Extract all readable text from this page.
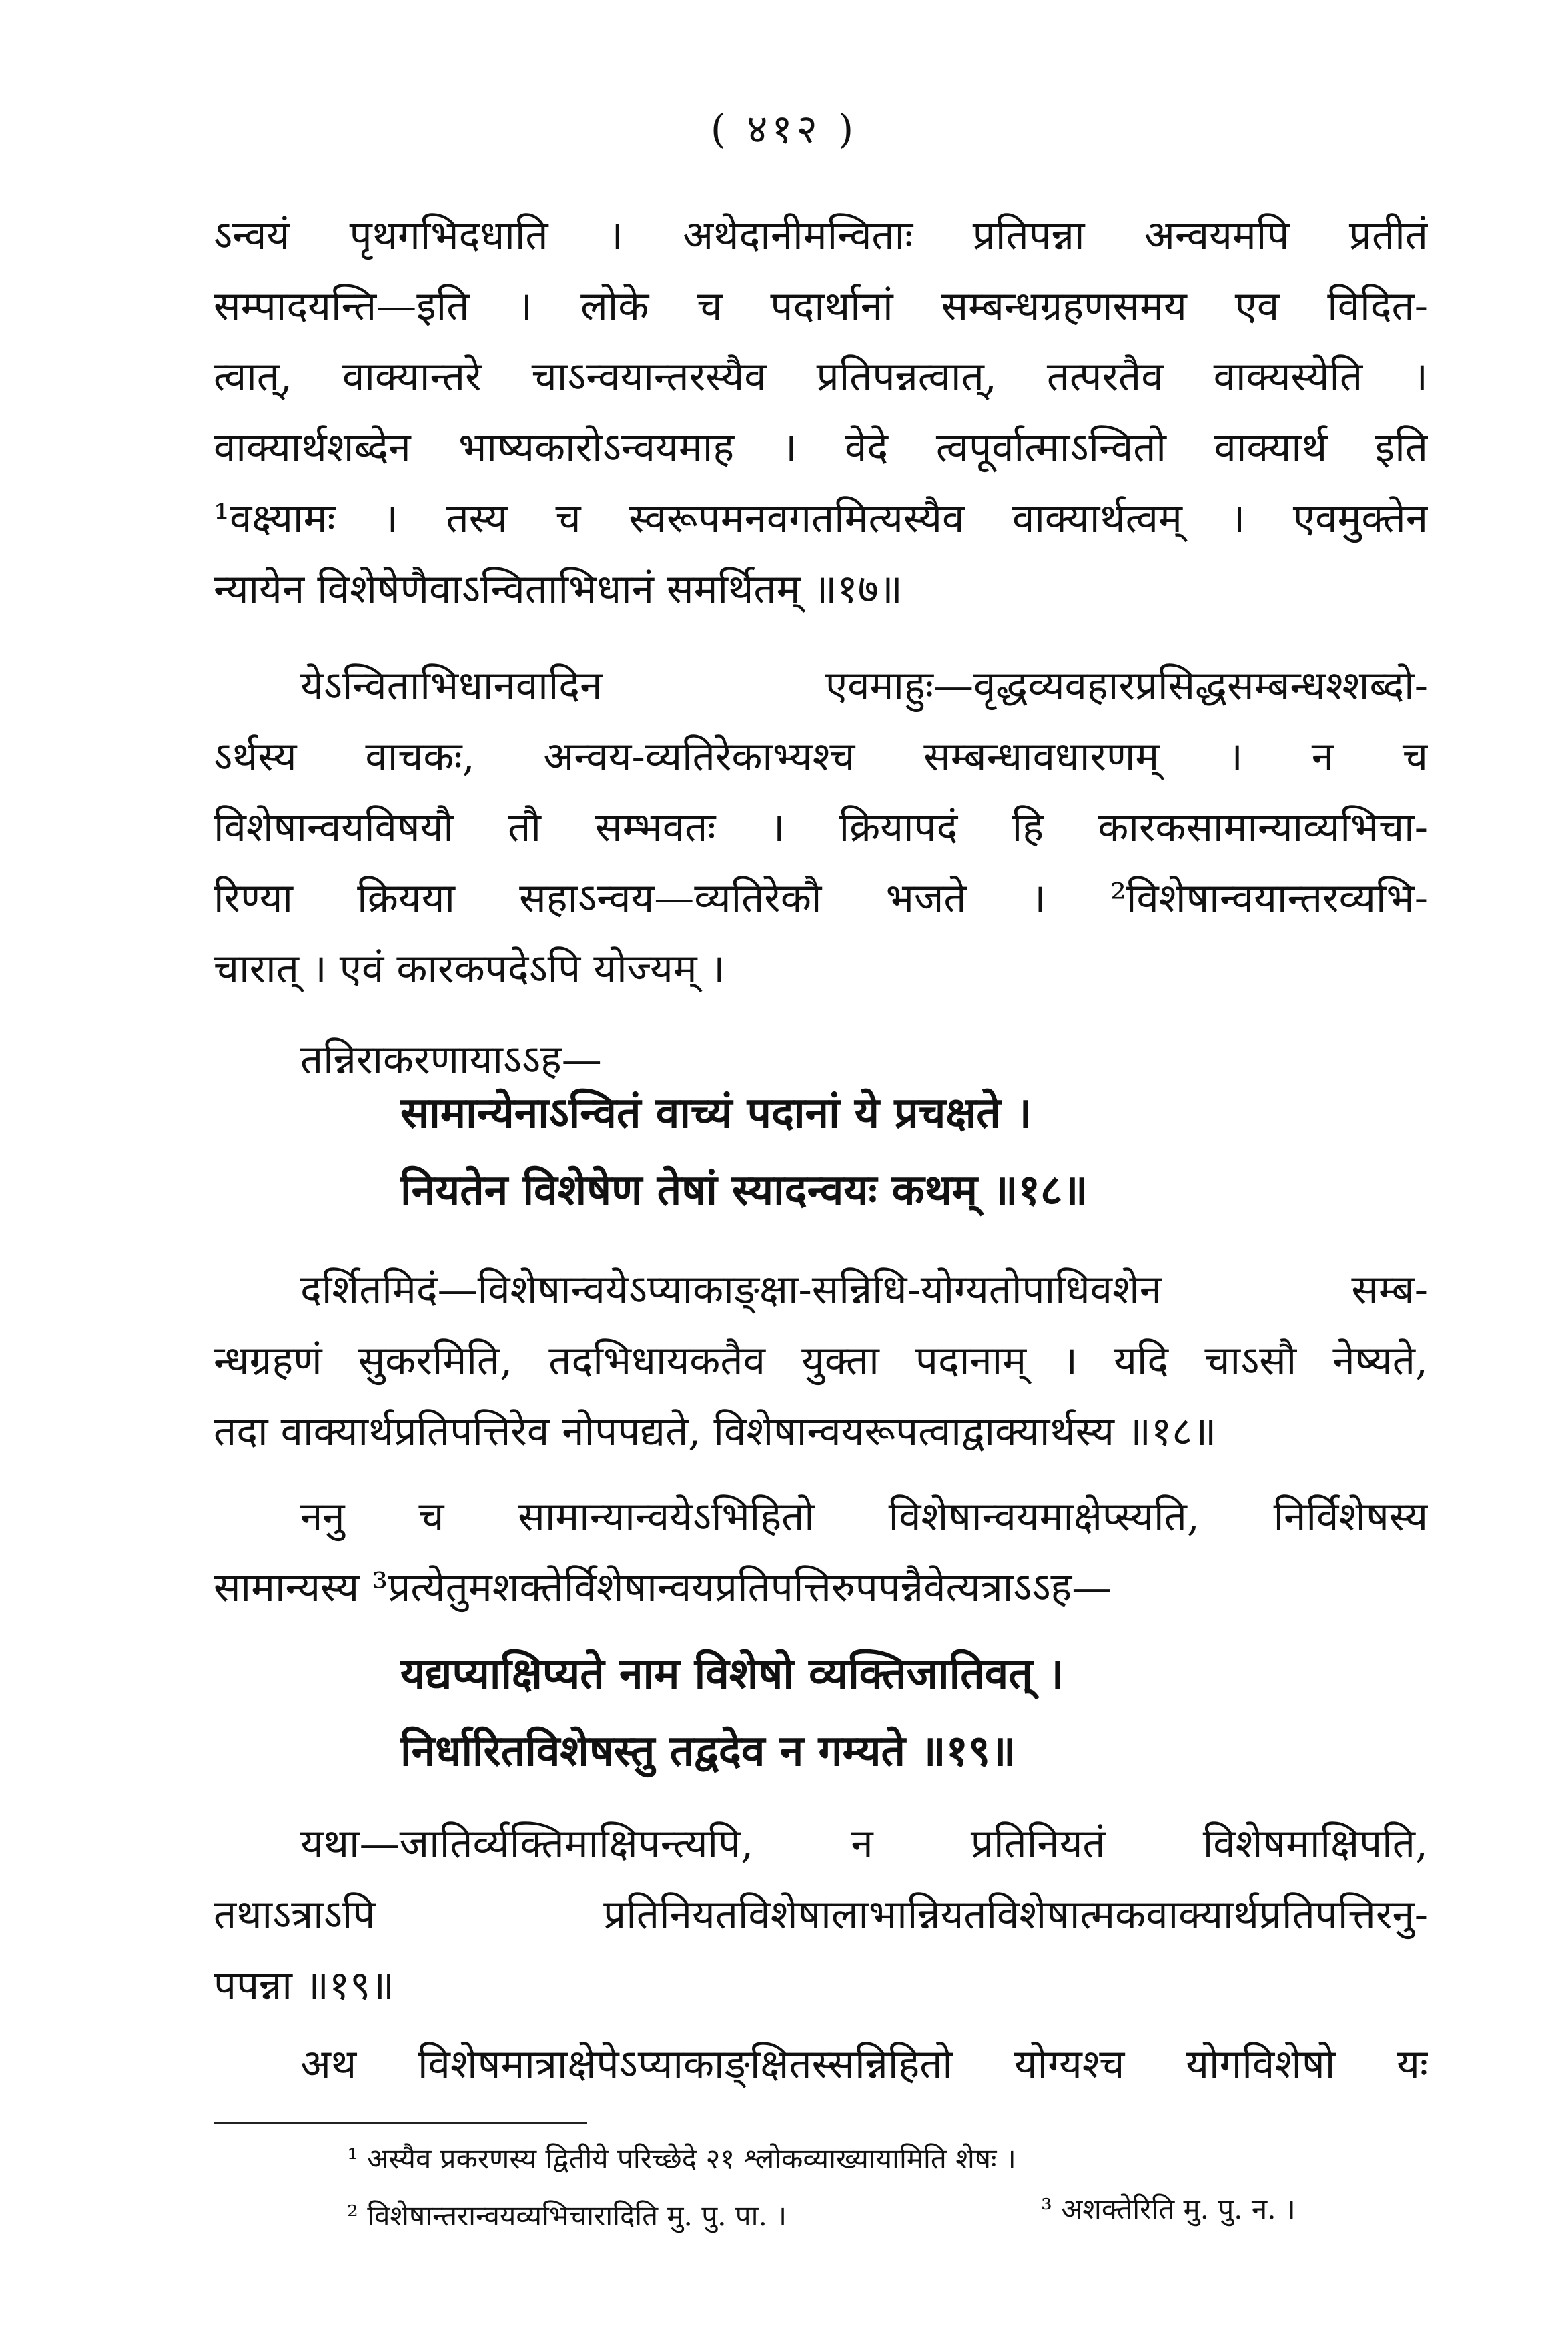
( ४१२ )
ऽन्वयं पृथगभिदधाति । अथेदानीमन्विताः प्रतिपन्ना अन्वयमपि प्रतीतं
सम्पादयन्ति—इति । लोके च पदार्थानां सम्बन्धग्रहणसमय एव विदित-
त्वात्, वाक्यान्तरे चाऽन्वयान्तरस्यैव प्रतिपन्नत्वात्, तत्परतैव वाक्यस्येति ।
वाक्यार्थशब्देन भाष्यकारोऽन्वयमाह । वेदे त्वपूर्वात्माऽन्वितो वाक्यार्थ इति
¹वक्ष्यामः । तस्य च स्वरूपमनवगतमित्यस्यैव वाक्यार्थत्वम् । एवमुक्तेन
न्यायेन विशेषेणैवाऽन्विताभिधानं समर्थितम् ॥१७॥
येऽन्विताभिधानवादिन एवमाहुः—वृद्धव्यवहारप्रसिद्धसम्बन्धश्शब्दो-
ऽर्थस्य वाचकः, अन्वय-व्यतिरेकाभ्यश्च सम्बन्धावधारणम् । न च
विशेषान्वयविषयौ तौ सम्भवतः । क्रियापदं हि कारकसामान्याव्यभिचा-
रिण्या क्रियया सहाऽन्वय—व्यतिरेकौ भजते । ²विशेषान्वयान्तरव्यभि-
चारात् । एवं कारकपदेऽपि योज्यम् ।
तन्निराकरणायाऽऽह—
सामान्येनाऽन्वितं वाच्यं पदानां ये प्रचक्षते ।
नियतेन विशेषेण तेषां स्यादन्वयः कथम् ॥१८॥
दर्शितमिदं—विशेषान्वयेऽप्याकाङ्क्षा-सन्निधि-योग्यतोपाधिवशेन सम्ब-
न्धग्रहणं सुकरमिति, तदभिधायकतैव युक्ता पदानाम् । यदि चाऽसौ नेष्यते,
तदा वाक्यार्थप्रतिपत्तिरेव नोपपद्यते, विशेषान्वयरूपत्वाद्वाक्यार्थस्य ॥१८॥
ननु च सामान्यान्वयेऽभिहितो विशेषान्वयमाक्षेप्स्यति, निर्विशेषस्य
सामान्यस्य ³प्रत्येतुमशक्तेर्विशेषान्वयप्रतिपत्तिरुपपन्नैवेत्यत्राऽऽह—
यद्यप्याक्षिप्यते नाम विशेषो व्यक्तिजातिवत् ।
निर्धारितविशेषस्तु तद्वदेव न गम्यते ॥१९॥
यथा—जातिर्व्यक्तिमाक्षिपन्त्यपि, न प्रतिनियतं विशेषमाक्षिपति,
तथाऽत्राऽपि प्रतिनियतविशेषालाभान्नियतविशेषात्मकवाक्यार्थप्रतिपत्तिरनु-
पपन्ना ॥१९॥
अथ विशेषमात्राक्षेपेऽप्याकाङ्क्षितस्सन्निहितो योग्यश्च योगविशेषो यः
¹ अस्यैव प्रकरणस्य द्वितीये परिच्छेदे २१ श्लोकव्याख्यायामिति शेषः ।
² विशेषान्तरान्वयव्यभिचारादिति मु. पु. पा. ।	³ अशक्तेरिति मु. पु. न. ।
